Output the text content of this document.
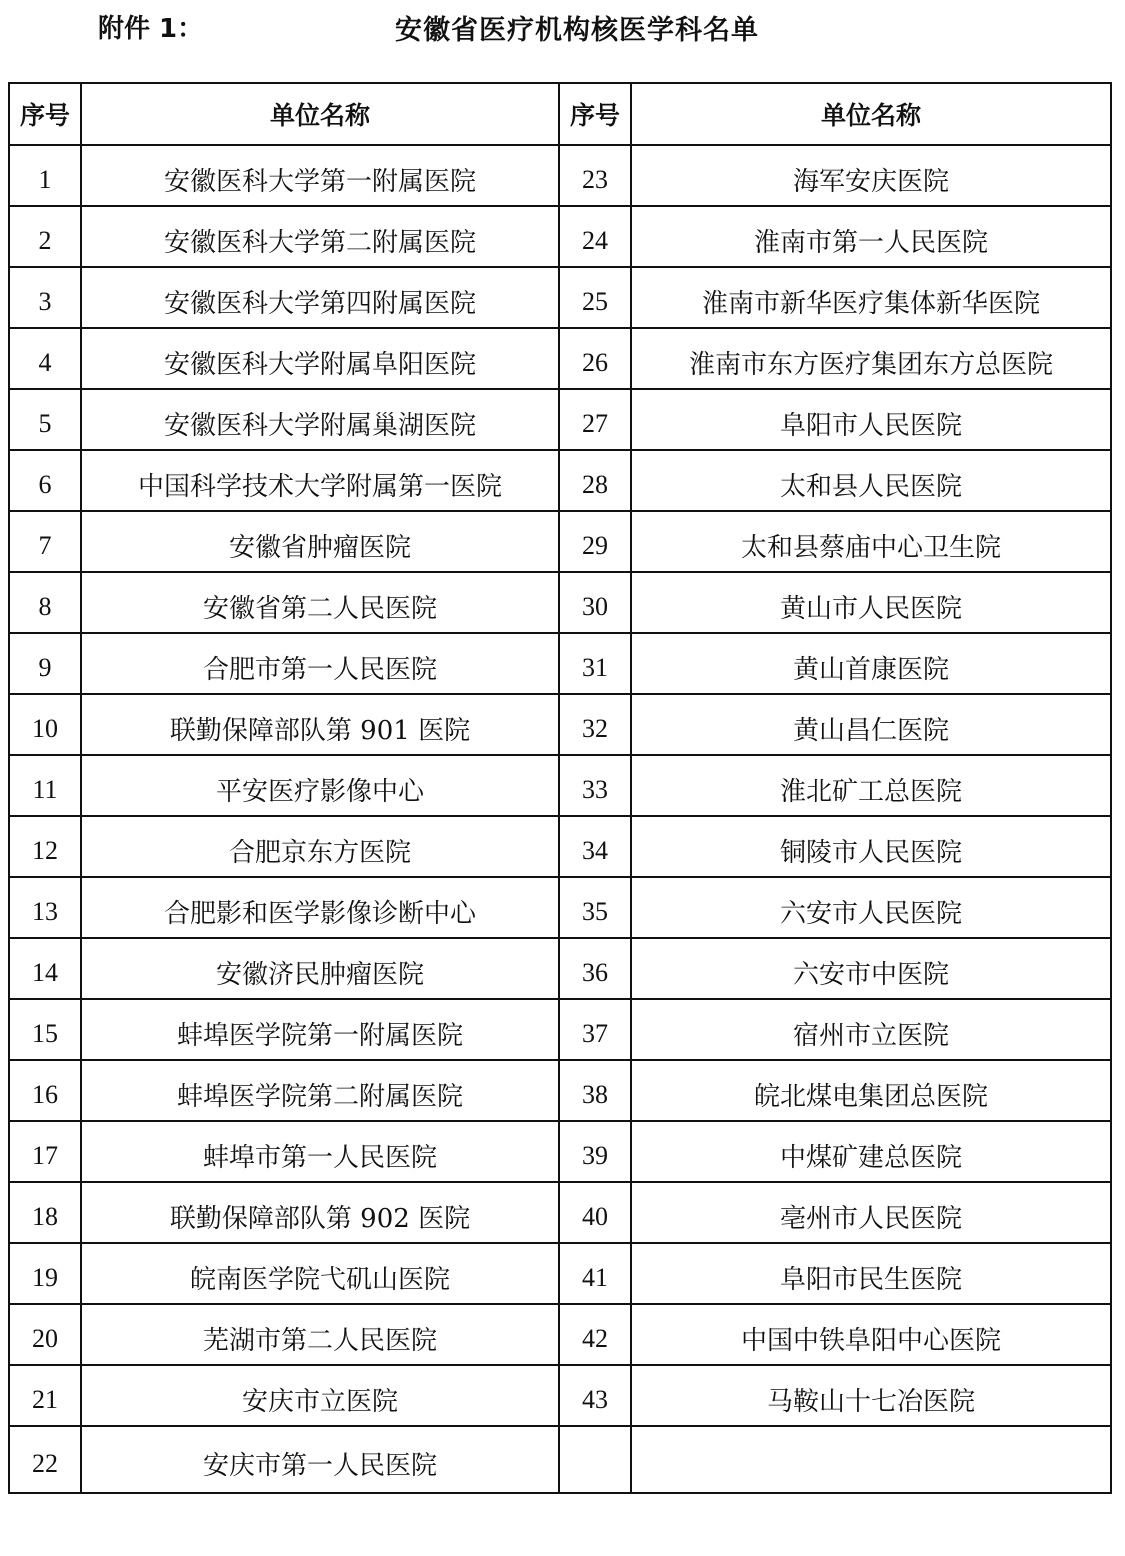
附件 1：	安徽省医疗机构核医学科名单
序号	单位名称	序号	单位名称
1	安徽医科大学第一附属医院	23	海军安庆医院
2	安徽医科大学第二附属医院	24	淮南市第一人民医院
3	安徽医科大学第四附属医院	25	淮南市新华医疗集体新华医院
4	安徽医科大学附属阜阳医院	26	淮南市东方医疗集团东方总医院
5	安徽医科大学附属巢湖医院	27	阜阳市人民医院
6	中国科学技术大学附属第一医院	28	太和县人民医院
7	安徽省肿瘤医院	29	太和县蔡庙中心卫生院
8	安徽省第二人民医院	30	黄山市人民医院
9	合肥市第一人民医院	31	黄山首康医院
10	联勤保障部队第 901 医院	32	黄山昌仁医院
11	平安医疗影像中心	33	淮北矿工总医院
12	合肥京东方医院	34	铜陵市人民医院
13	合肥影和医学影像诊断中心	35	六安市人民医院
14	安徽济民肿瘤医院	36	六安市中医院
15	蚌埠医学院第一附属医院	37	宿州市立医院
16	蚌埠医学院第二附属医院	38	皖北煤电集团总医院
17	蚌埠市第一人民医院	39	中煤矿建总医院
18	联勤保障部队第 902 医院	40	亳州市人民医院
19	皖南医学院弋矶山医院	41	阜阳市民生医院
20	芜湖市第二人民医院	42	中国中铁阜阳中心医院
21	安庆市立医院	43	马鞍山十七冶医院
22	安庆市第一人民医院		
